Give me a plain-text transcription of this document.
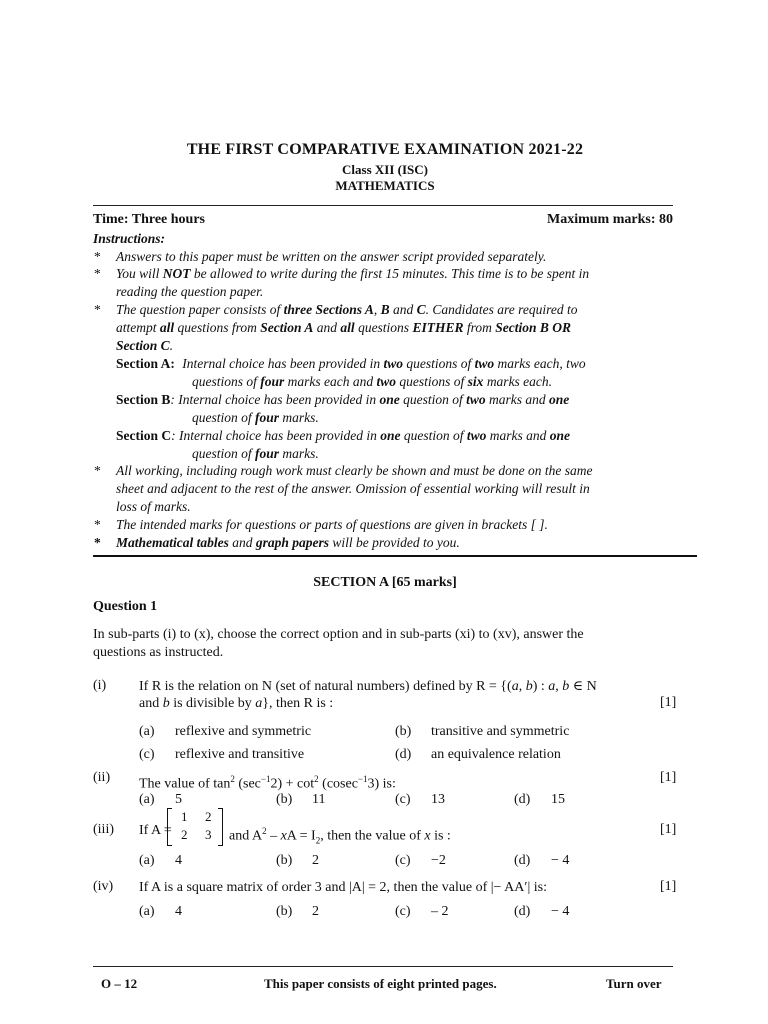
THE FIRST COMPARATIVE EXAMINATION 2021-22
Class XII (ISC)
MATHEMATICS
Time: Three hours	Maximum marks: 80
Instructions:
* Answers to this paper must be written on the answer script provided separately.
* You will NOT be allowed to write during the first 15 minutes. This time is to be spent in
reading the question paper.
* The question paper consists of three Sections A, B and C. Candidates are required to
attempt all questions from Section A and all questions EITHER from Section B OR
Section C.
Section A: Internal choice has been provided in two questions of two marks each, two
questions of four marks each and two questions of six marks each.
Section B: Internal choice has been provided in one question of two marks and one
question of four marks.
Section C: Internal choice has been provided in one question of two marks and one
question of four marks.
* All working, including rough work must clearly be shown and must be done on the same
sheet and adjacent to the rest of the answer. Omission of essential working will result in
loss of marks.
* The intended marks for questions or parts of questions are given in brackets [ ].
* Mathematical tables and graph papers will be provided to you.
SECTION A [65 marks]
Question 1
In sub-parts (i) to (x), choose the correct option and in sub-parts (xi) to (xv), answer the
questions as instructed.
(i) If R is the relation on N (set of natural numbers) defined by R = {(a, b) : a, b ∈ N
and b is divisible by a}, then R is :	[1]
(a) reflexive and symmetric	(b) transitive and symmetric
(c) reflexive and transitive	(d) an equivalence relation
(ii) The value of $\tan^2 (\sec^{-1}2) + \cot^2 (cosec^{-1}3)$ is:	[1]
(a) 5	(b) 11	(c) 13	(d) 15
(iii) If A =
1 2
2 3 and $A^2$ – xA = $I_2$, then the value of x is :	[1]
(a) 4	(b) 2	(c) −2	(d) − 4
(iv) If A is a square matrix of order 3 and |A| = 2, then the value of |− AA′| is:	[1]
(a) 4	(b) 2	(c) – 2	(d) − 4
O – 12	This paper consists of eight printed pages.	Turn over
